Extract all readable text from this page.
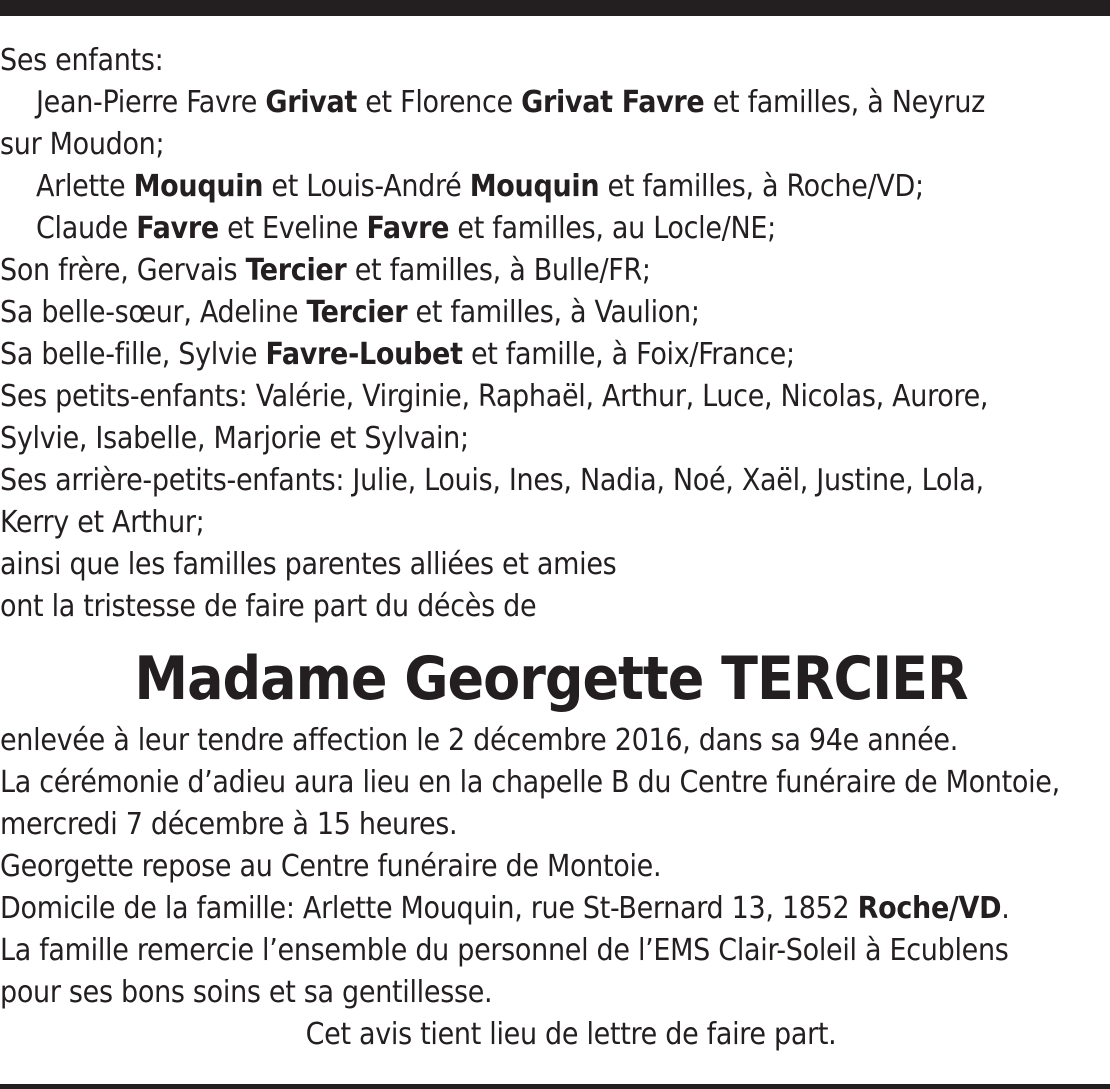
Ses enfants:
Jean-Pierre Favre Grivat et Florence Grivat Favre et familles, à Neyruz
sur Moudon;
Arlette Mouquin et Louis-André Mouquin et familles, à Roche/VD;
Claude Favre et Eveline Favre et familles, au Locle/NE;
Son frère, Gervais Tercier et familles, à Bulle/FR;
Sa belle-sœur, Adeline Tercier et familles, à Vaulion;
Sa belle-fille, Sylvie Favre-Loubet et famille, à Foix/France;
Ses petits-enfants: Valérie, Virginie, Raphaël, Arthur, Luce, Nicolas, Aurore,
Sylvie, Isabelle, Marjorie et Sylvain;
Ses arrière-petits-enfants: Julie, Louis, Ines, Nadia, Noé, Xaël, Justine, Lola,
Kerry et Arthur;
ainsi que les familles parentes alliées et amies
ont la tristesse de faire part du décès de
Madame Georgette TERCIER
enlevée à leur tendre affection le 2 décembre 2016, dans sa 94e année.
La cérémonie d’adieu aura lieu en la chapelle B du Centre funéraire de Montoie,
mercredi 7 décembre à 15 heures.
Georgette repose au Centre funéraire de Montoie.
Domicile de la famille: Arlette Mouquin, rue St-Bernard 13, 1852 Roche/VD.
La famille remercie l’ensemble du personnel de l’EMS Clair-Soleil à Ecublens
pour ses bons soins et sa gentillesse.
Cet avis tient lieu de lettre de faire part.
